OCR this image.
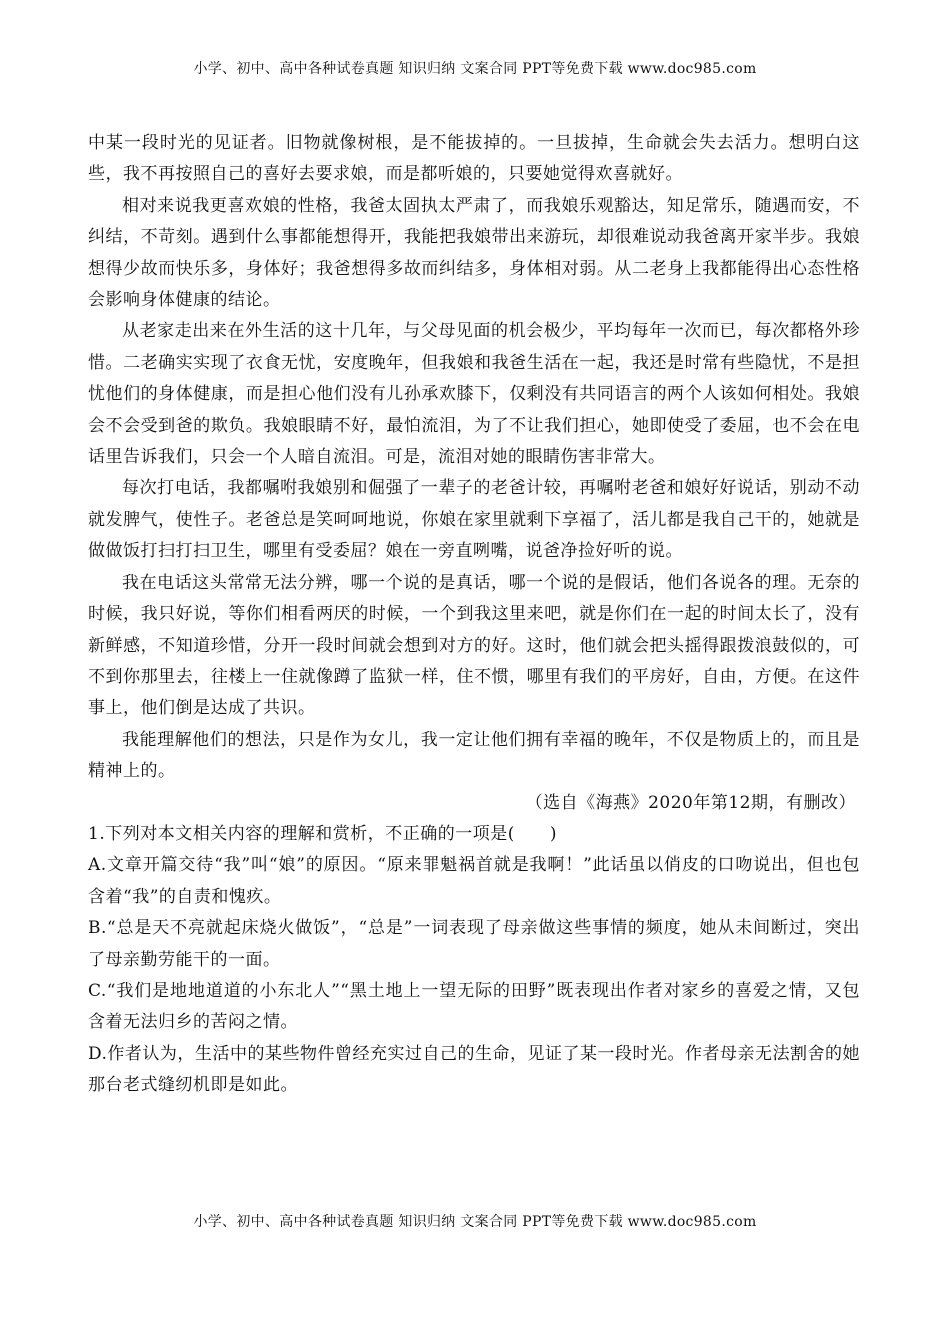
小学、初中、高中各种试卷真题 知识归纳 文案合同 PPT等免费下载 www.doc985.com

中某一段时光的见证者。旧物就像树根，是不能拔掉的。一旦拔掉，生命就会失去活力。想明白这些，我不再按照自己的喜好去要求娘，而是都听娘的，只要她觉得欢喜就好。

相对来说我更喜欢娘的性格，我爸太固执太严肃了，而我娘乐观豁达，知足常乐，随遇而安，不纠结，不苛刻。遇到什么事都能想得开，我能把我娘带出来游玩，却很难说动我爸离开家半步。我娘想得少故而快乐多，身体好；我爸想得多故而纠结多，身体相对弱。从二老身上我都能得出心态性格会影响身体健康的结论。

从老家走出来在外生活的这十几年，与父母见面的机会极少，平均每年一次而已，每次都格外珍惜。二老确实实现了衣食无忧，安度晚年，但我娘和我爸生活在一起，我还是时常有些隐忧，不是担忧他们的身体健康，而是担心他们没有儿孙承欢膝下，仅剩没有共同语言的两个人该如何相处。我娘会不会受到爸的欺负。我娘眼睛不好，最怕流泪，为了不让我们担心，她即使受了委屈，也不会在电话里告诉我们，只会一个人暗自流泪。可是，流泪对她的眼睛伤害非常大。

每次打电话，我都嘱咐我娘别和倔强了一辈子的老爸计较，再嘱咐老爸和娘好好说话，别动不动就发脾气，使性子。老爸总是笑呵呵地说，你娘在家里就剩下享福了，活儿都是我自己干的，她就是做做饭打扫打扫卫生，哪里有受委屈？娘在一旁直咧嘴，说爸净捡好听的说。

我在电话这头常常无法分辨，哪一个说的是真话，哪一个说的是假话，他们各说各的理。无奈的时候，我只好说，等你们相看两厌的时候，一个到我这里来吧，就是你们在一起的时间太长了，没有新鲜感，不知道珍惜，分开一段时间就会想到对方的好。这时，他们就会把头摇得跟拨浪鼓似的，可不到你那里去，往楼上一住就像蹲了监狱一样，住不惯，哪里有我们的平房好，自由，方便。在这件事上，他们倒是达成了共识。

我能理解他们的想法，只是作为女儿，我一定让他们拥有幸福的晚年，不仅是物质上的，而且是精神上的。

（选自《海燕》2020年第12期，有删改）

1.下列对本文相关内容的理解和赏析，不正确的一项是(　　)

A.文章开篇交待“我”叫“娘”的原因。“原来罪魁祸首就是我啊！”此话虽以俏皮的口吻说出，但也包含着“我”的自责和愧疚。

B.“总是天不亮就起床烧火做饭”，“总是”一词表现了母亲做这些事情的频度，她从未间断过，突出了母亲勤劳能干的一面。

C.“我们是地地道道的小东北人”“黑土地上一望无际的田野”既表现出作者对家乡的喜爱之情，又包含着无法归乡的苦闷之情。

D.作者认为，生活中的某些物件曾经充实过自己的生命，见证了某一段时光。作者母亲无法割舍的她那台老式缝纫机即是如此。

小学、初中、高中各种试卷真题 知识归纳 文案合同 PPT等免费下载 www.doc985.com
